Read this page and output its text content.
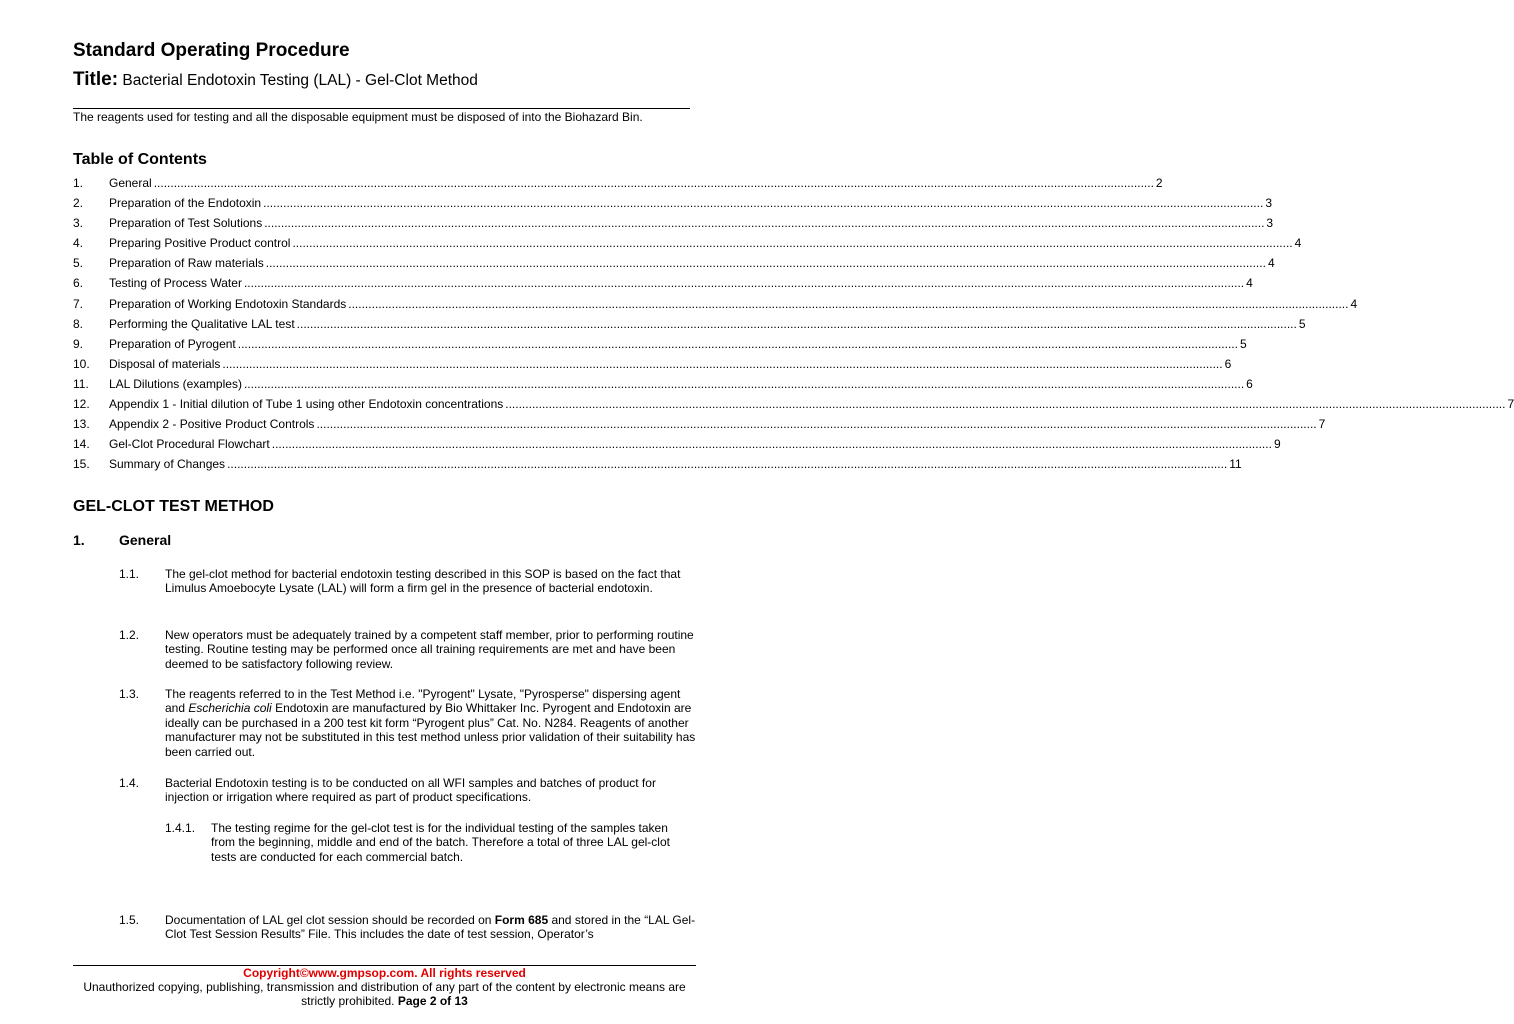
Standard Operating Procedure
Title: Bacterial Endotoxin Testing (LAL) - Gel-Clot Method
The reagents used for testing and all the disposable equipment must be disposed of into the Biohazard Bin.
Table of Contents
1.	General ............................................................................................................................................................................................................................................................................................................ 2
2.	Preparation of the Endotoxin ............................................................................................................................................................................................................................................................................................................ 3
3.	Preparation of Test Solutions ............................................................................................................................................................................................................................................................................................................ 3
4.	Preparing Positive Product control ............................................................................................................................................................................................................................................................................................................ 4
5.	Preparation of Raw materials ............................................................................................................................................................................................................................................................................................................ 4
6.	Testing of Process Water ............................................................................................................................................................................................................................................................................................................ 4
7.	Preparation of Working Endotoxin Standards ............................................................................................................................................................................................................................................................................................................ 4
8.	Performing the Qualitative LAL test ............................................................................................................................................................................................................................................................................................................ 5
9.	Preparation of Pyrogent ............................................................................................................................................................................................................................................................................................................ 5
10.	Disposal of materials ............................................................................................................................................................................................................................................................................................................ 6
11.	LAL Dilutions (examples) ............................................................................................................................................................................................................................................................................................................ 6
12.	Appendix 1 - Initial dilution of Tube 1 using other Endotoxin concentrations ............................................................................................................................................................................................................................................................................................................ 7
13.	Appendix 2 - Positive Product Controls ............................................................................................................................................................................................................................................................................................................ 7
14.	Gel-Clot Procedural Flowchart ............................................................................................................................................................................................................................................................................................................ 9
15.	Summary of Changes ............................................................................................................................................................................................................................................................................................................ 11
GEL-CLOT TEST METHOD
1. General
1.1. The gel-clot method for bacterial endotoxin testing described in this SOP is based on the fact that Limulus Amoebocyte Lysate (LAL) will form a firm gel in the presence of bacterial endotoxin.
1.2. New operators must be adequately trained by a competent staff member, prior to performing routine testing. Routine testing may be performed once all training requirements are met and have been deemed to be satisfactory following review.
1.3. The reagents referred to in the Test Method i.e. "Pyrogent" Lysate, "Pyrosperse" dispersing agent and Escherichia coli Endotoxin are manufactured by Bio Whittaker Inc. Pyrogent and Endotoxin are ideally can be purchased in a 200 test kit form “Pyrogent plus” Cat. No. N284. Reagents of another manufacturer may not be substituted in this test method unless prior validation of their suitability has been carried out.
1.4. Bacterial Endotoxin testing is to be conducted on all WFI samples and batches of product for injection or irrigation where required as part of product specifications.
1.4.1. The testing regime for the gel-clot test is for the individual testing of the samples taken from the beginning, middle and end of the batch. Therefore a total of three LAL gel-clot tests are conducted for each commercial batch.
1.5. Documentation of LAL gel clot session should be recorded on Form 685 and stored in the “LAL Gel-Clot Test Session Results” File. This includes the date of test session, Operator’s
Copyright©www.gmpsop.com. All rights reserved
Unauthorized copying, publishing, transmission and distribution of any part of the content by electronic means are strictly prohibited. Page 2 of 13
